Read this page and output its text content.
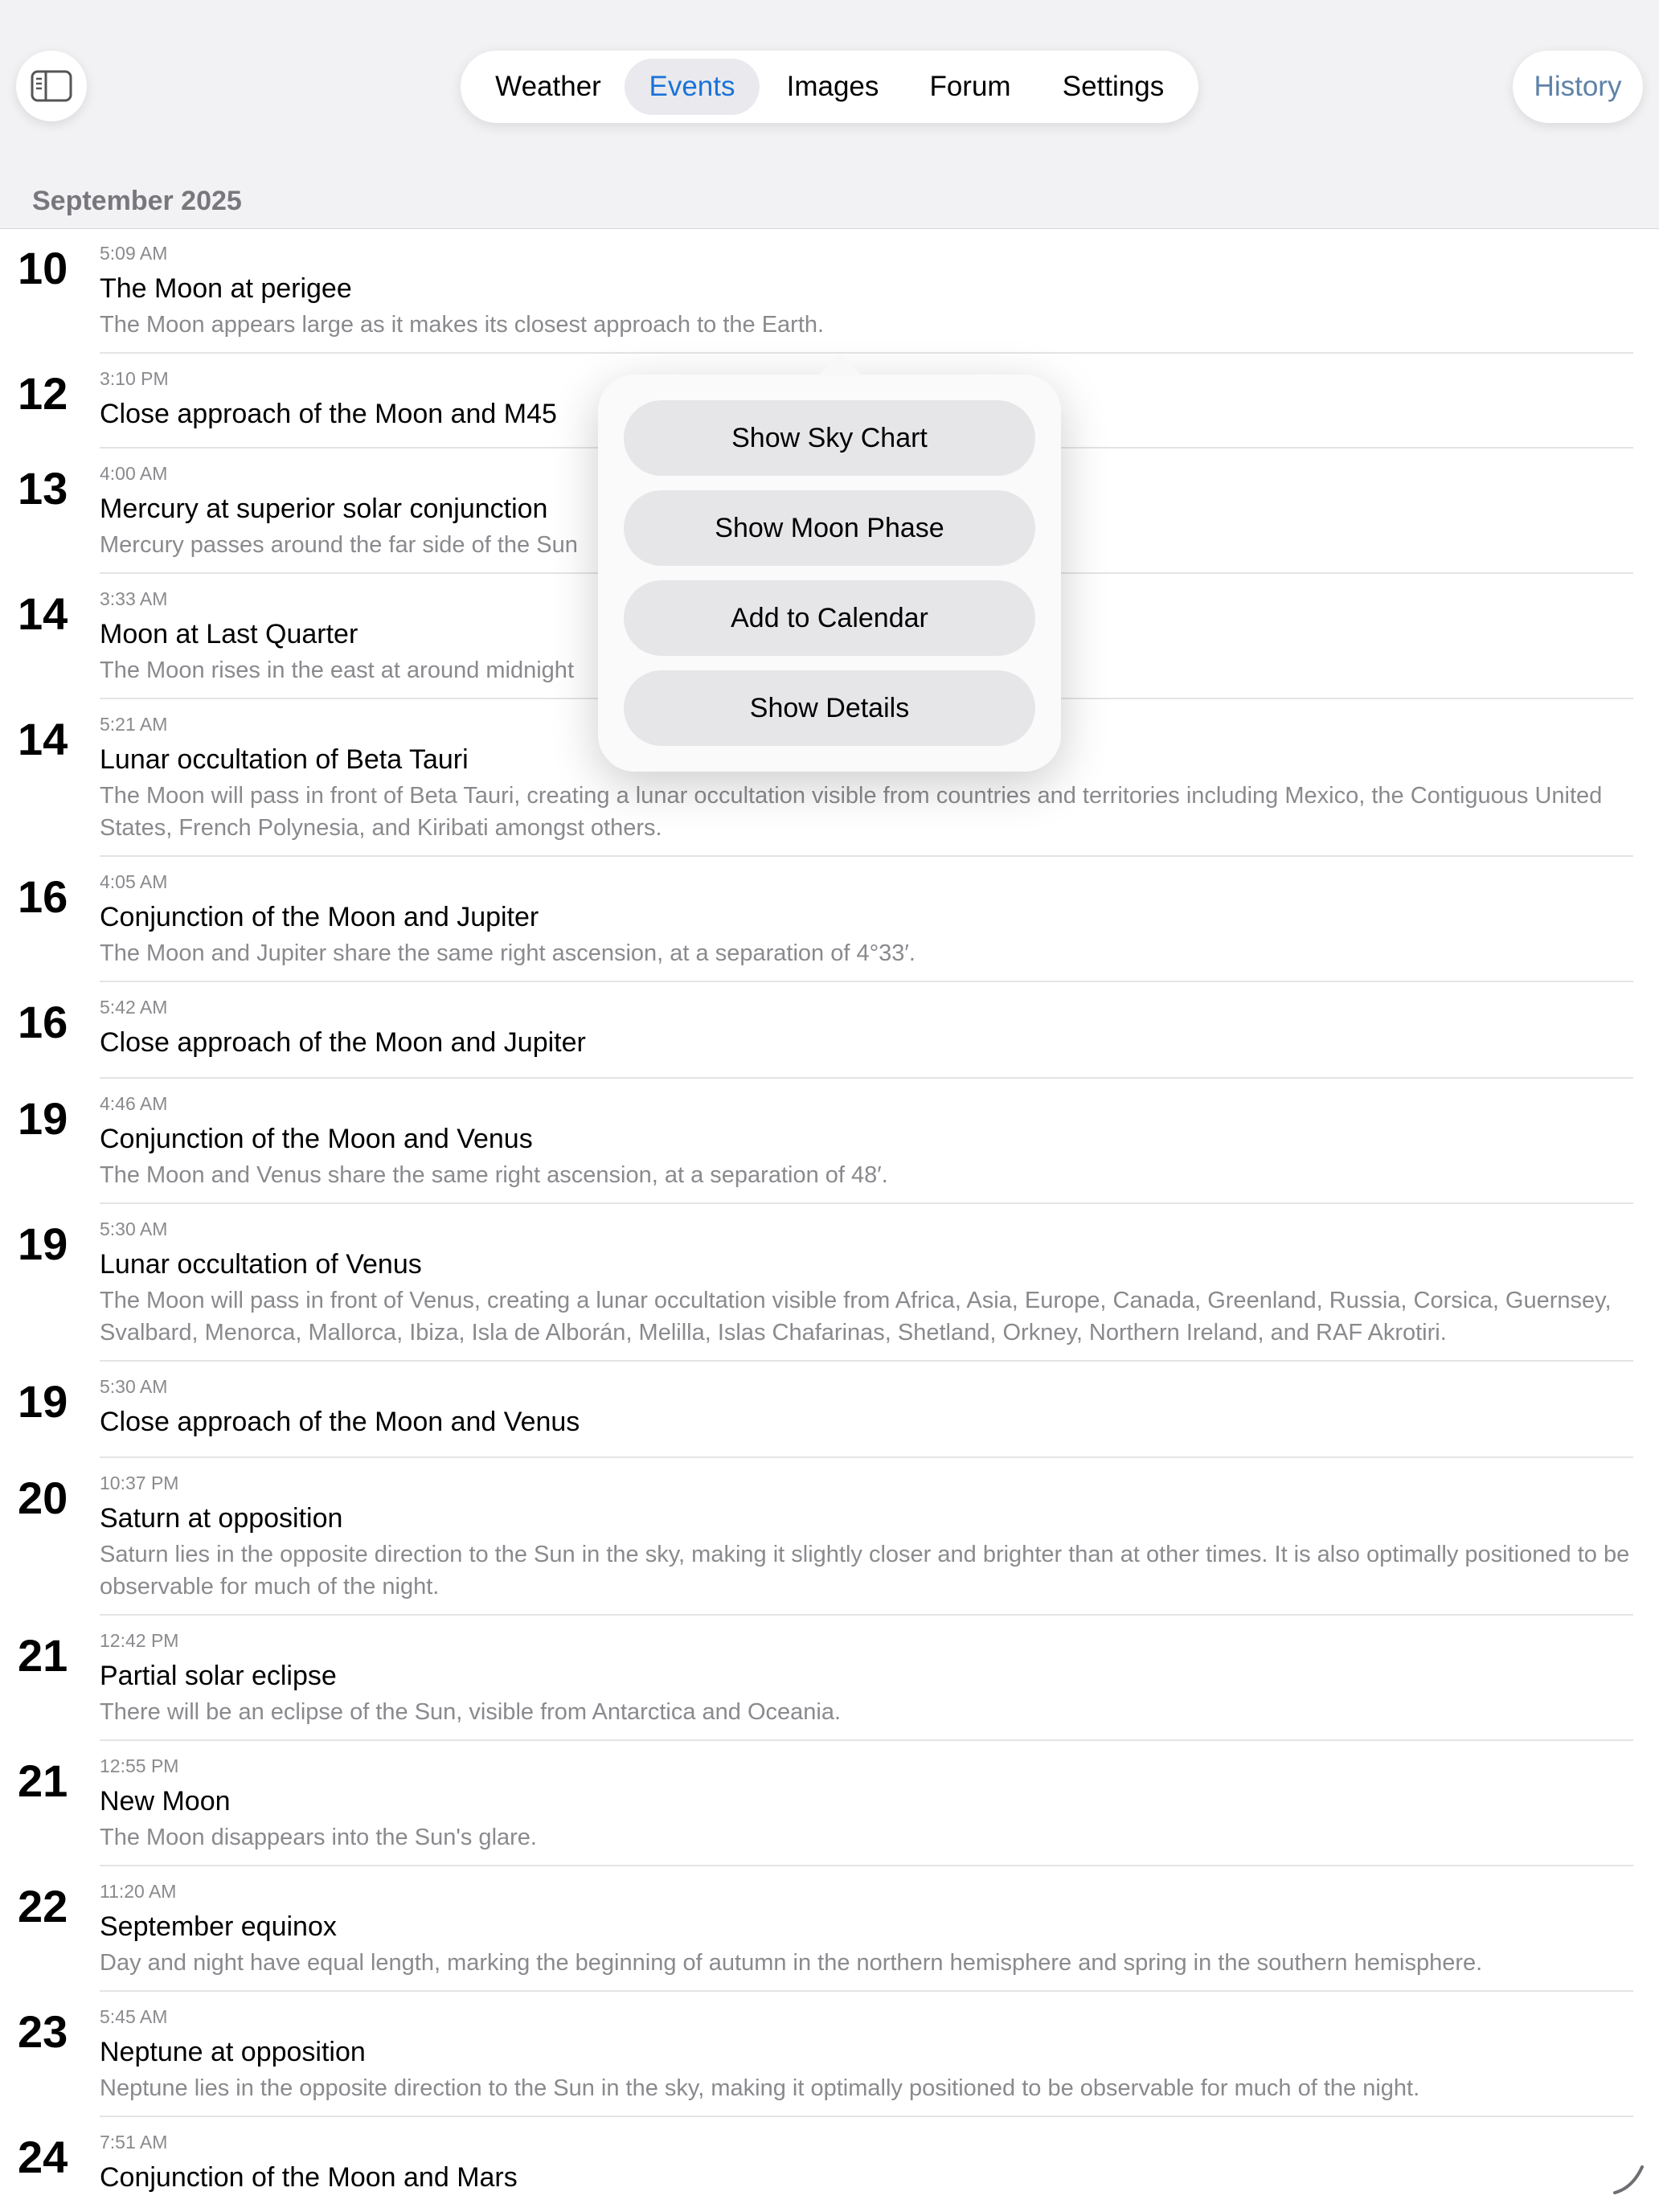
Weather	Events	Images	Forum	Settings	History
September 2025
10 5:09 AM
The Moon at perigee
The Moon appears large as it makes its closest approach to the Earth.
12 3:10 PM
Close approach of the Moon and M45
13 4:00 AM
Mercury at superior solar conjunction
Mercury passes around the far side of the Sun
14 3:33 AM
Moon at Last Quarter
The Moon rises in the east at around midnight
14 5:21 AM
Lunar occultation of Beta Tauri
The Moon will pass in front of Beta Tauri, creating a lunar occultation visible from countries and territories including Mexico, the Contiguous United States, French Polynesia, and Kiribati amongst others.
16 4:05 AM
Conjunction of the Moon and Jupiter
The Moon and Jupiter share the same right ascension, at a separation of 4°33′.
16 5:42 AM
Close approach of the Moon and Jupiter
19 4:46 AM
Conjunction of the Moon and Venus
The Moon and Venus share the same right ascension, at a separation of 48′.
19 5:30 AM
Lunar occultation of Venus
The Moon will pass in front of Venus, creating a lunar occultation visible from Africa, Asia, Europe, Canada, Greenland, Russia, Corsica, Guernsey, Svalbard, Menorca, Mallorca, Ibiza, Isla de Alborán, Melilla, Islas Chafarinas, Shetland, Orkney, Northern Ireland, and RAF Akrotiri.
19 5:30 AM
Close approach of the Moon and Venus
20 10:37 PM
Saturn at opposition
Saturn lies in the opposite direction to the Sun in the sky, making it slightly closer and brighter than at other times. It is also optimally positioned to be observable for much of the night.
21 12:42 PM
Partial solar eclipse
There will be an eclipse of the Sun, visible from Antarctica and Oceania.
21 12:55 PM
New Moon
The Moon disappears into the Sun's glare.
22 11:20 AM
September equinox
Day and night have equal length, marking the beginning of autumn in the northern hemisphere and spring in the southern hemisphere.
23 5:45 AM
Neptune at opposition
Neptune lies in the opposite direction to the Sun in the sky, making it optimally positioned to be observable for much of the night.
24 7:51 AM
Conjunction of the Moon and Mars
Show Sky Chart
Show Moon Phase
Add to Calendar
Show Details
